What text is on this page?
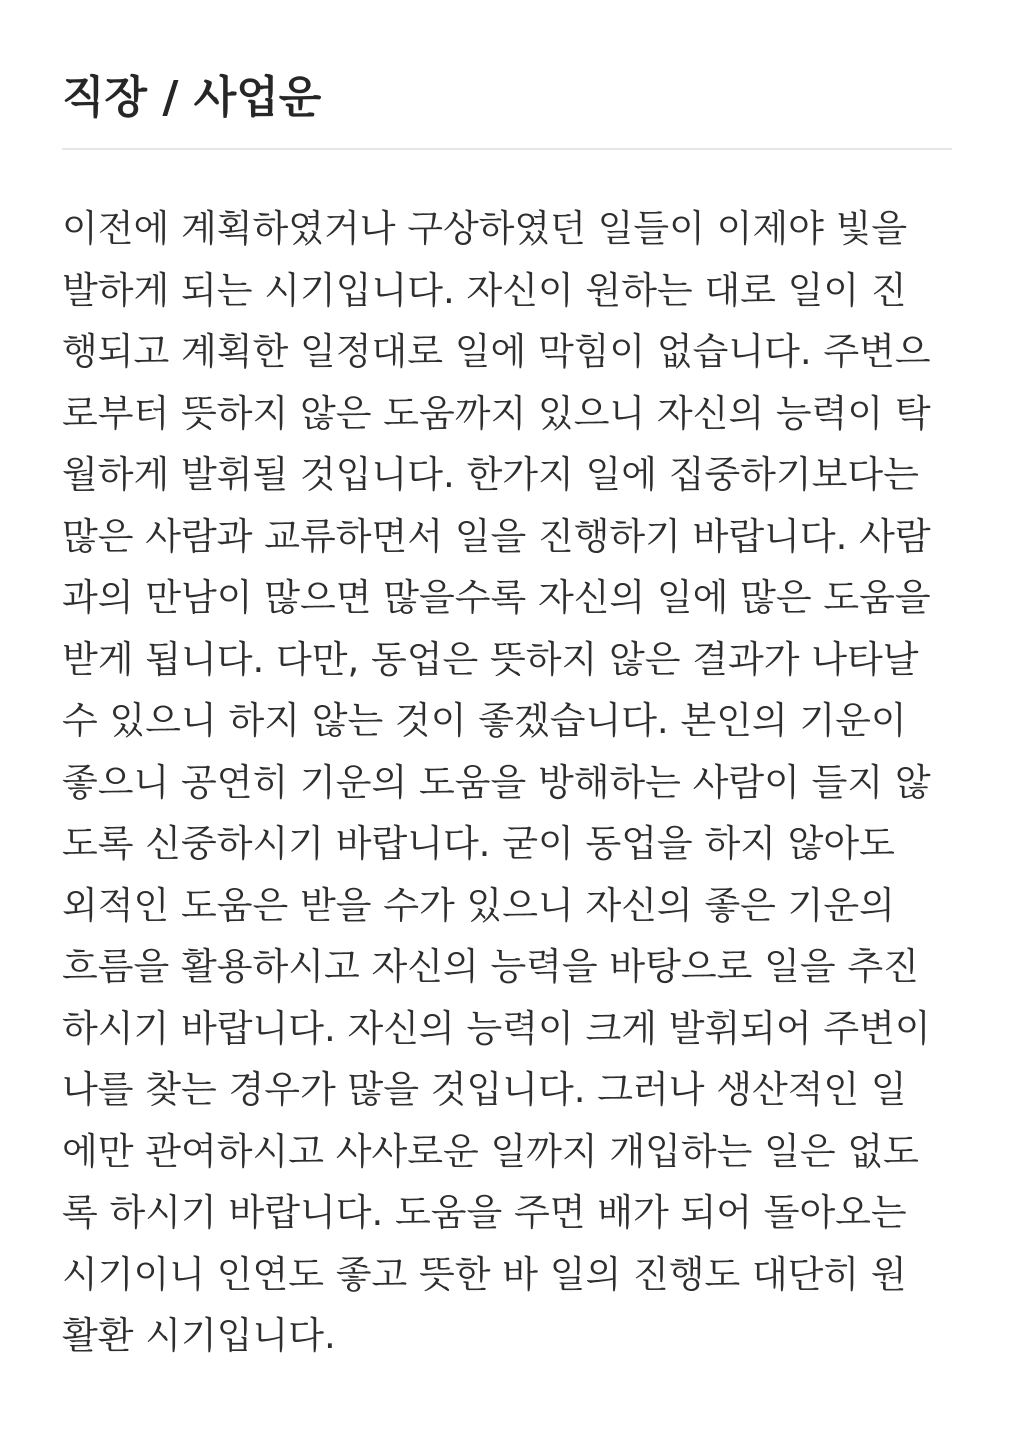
직장 / 사업운
이전에 계획하였거나 구상하였던 일들이 이제야 빛을
발하게 되는 시기입니다. 자신이 원하는 대로 일이 진
행되고 계획한 일정대로 일에 막힘이 없습니다. 주변으
로부터 뜻하지 않은 도움까지 있으니 자신의 능력이 탁
월하게 발휘될 것입니다. 한가지 일에 집중하기보다는
많은 사람과 교류하면서 일을 진행하기 바랍니다. 사람
과의 만남이 많으면 많을수록 자신의 일에 많은 도움을
받게 됩니다. 다만, 동업은 뜻하지 않은 결과가 나타날
수 있으니 하지 않는 것이 좋겠습니다. 본인의 기운이
좋으니 공연히 기운의 도움을 방해하는 사람이 들지 않
도록 신중하시기 바랍니다. 굳이 동업을 하지 않아도
외적인 도움은 받을 수가 있으니 자신의 좋은 기운의
흐름을 활용하시고 자신의 능력을 바탕으로 일을 추진
하시기 바랍니다. 자신의 능력이 크게 발휘되어 주변이
나를 찾는 경우가 많을 것입니다. 그러나 생산적인 일
에만 관여하시고 사사로운 일까지 개입하는 일은 없도
록 하시기 바랍니다. 도움을 주면 배가 되어 돌아오는
시기이니 인연도 좋고 뜻한 바 일의 진행도 대단히 원
활환 시기입니다.
